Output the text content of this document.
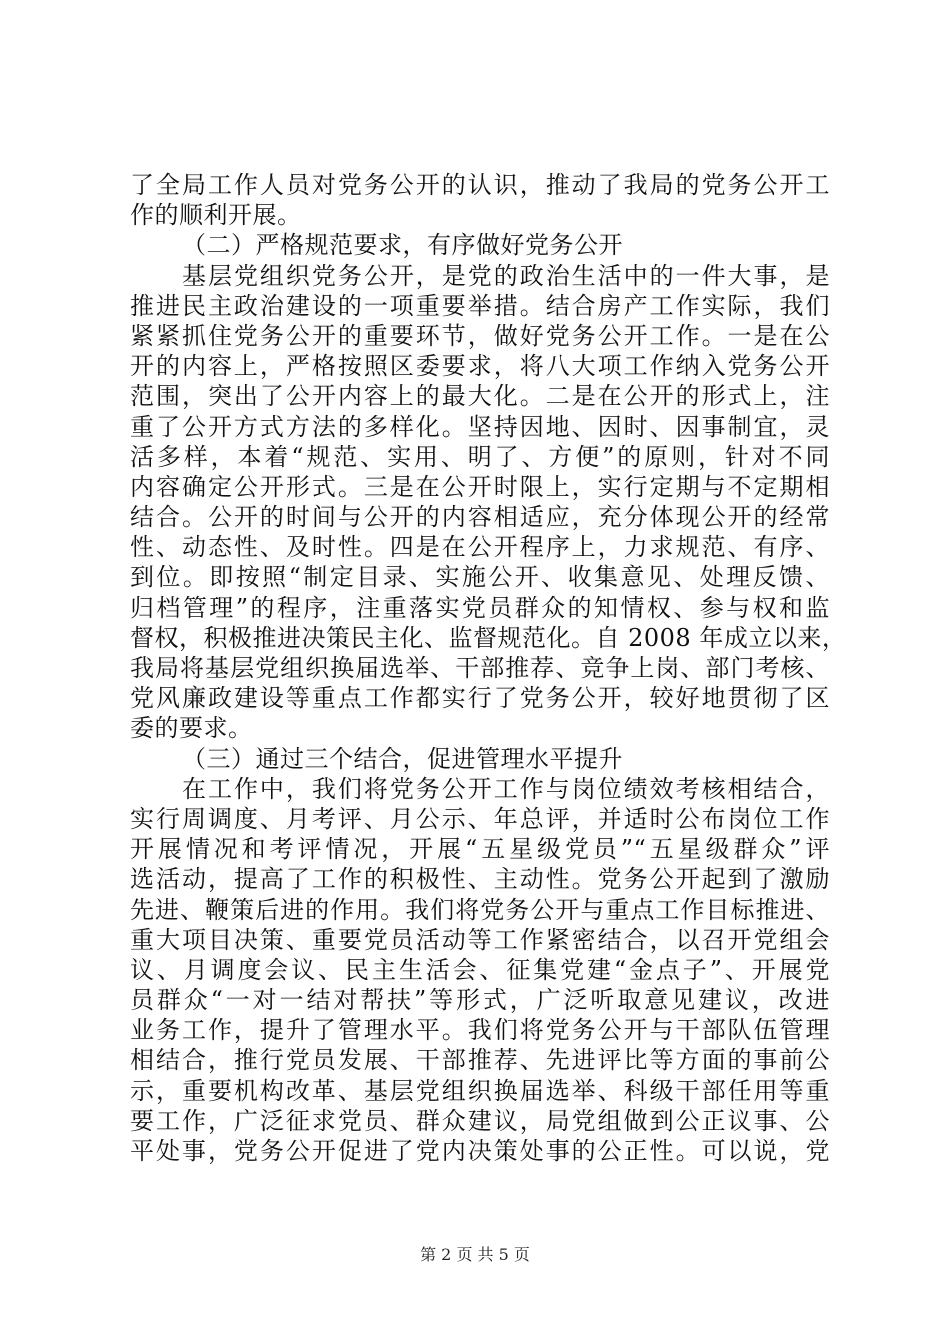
了全局工作人员对党务公开的认识，推动了我局的党务公开工
作的顺利开展。
（二）严格规范要求，有序做好党务公开
基层党组织党务公开，是党的政治生活中的一件大事，是
推进民主政治建设的一项重要举措。结合房产工作实际，我们
紧紧抓住党务公开的重要环节，做好党务公开工作。一是在公
开的内容上，严格按照区委要求，将八大项工作纳入党务公开
范围，突出了公开内容上的最大化。二是在公开的形式上，注
重了公开方式方法的多样化。坚持因地、因时、因事制宜，灵
活多样，本着“规范、实用、明了、方便”的原则，针对不同
内容确定公开形式。三是在公开时限上，实行定期与不定期相
结合。公开的时间与公开的内容相适应，充分体现公开的经常
性、动态性、及时性。四是在公开程序上，力求规范、有序、
到位。即按照“制定目录、实施公开、收集意见、处理反馈、
归档管理”的程序，注重落实党员群众的知情权、参与权和监
督权，积极推进决策民主化、监督规范化。自 2008 年成立以来，
我局将基层党组织换届选举、干部推荐、竞争上岗、部门考核、
党风廉政建设等重点工作都实行了党务公开，较好地贯彻了区
委的要求。
（三）通过三个结合，促进管理水平提升
在工作中，我们将党务公开工作与岗位绩效考核相结合，
实行周调度、月考评、月公示、年总评，并适时公布岗位工作
开展情况和考评情况，开展“五星级党员”“五星级群众”评
选活动，提高了工作的积极性、主动性。党务公开起到了激励
先进、鞭策后进的作用。我们将党务公开与重点工作目标推进、
重大项目决策、重要党员活动等工作紧密结合，以召开党组会
议、月调度会议、民主生活会、征集党建“金点子”、开展党
员群众“一对一结对帮扶”等形式，广泛听取意见建议，改进
业务工作，提升了管理水平。我们将党务公开与干部队伍管理
相结合，推行党员发展、干部推荐、先进评比等方面的事前公
示，重要机构改革、基层党组织换届选举、科级干部任用等重
要工作，广泛征求党员、群众建议，局党组做到公正议事、公
平处事，党务公开促进了党内决策处事的公正性。可以说，党
第 2 页 共 5 页
